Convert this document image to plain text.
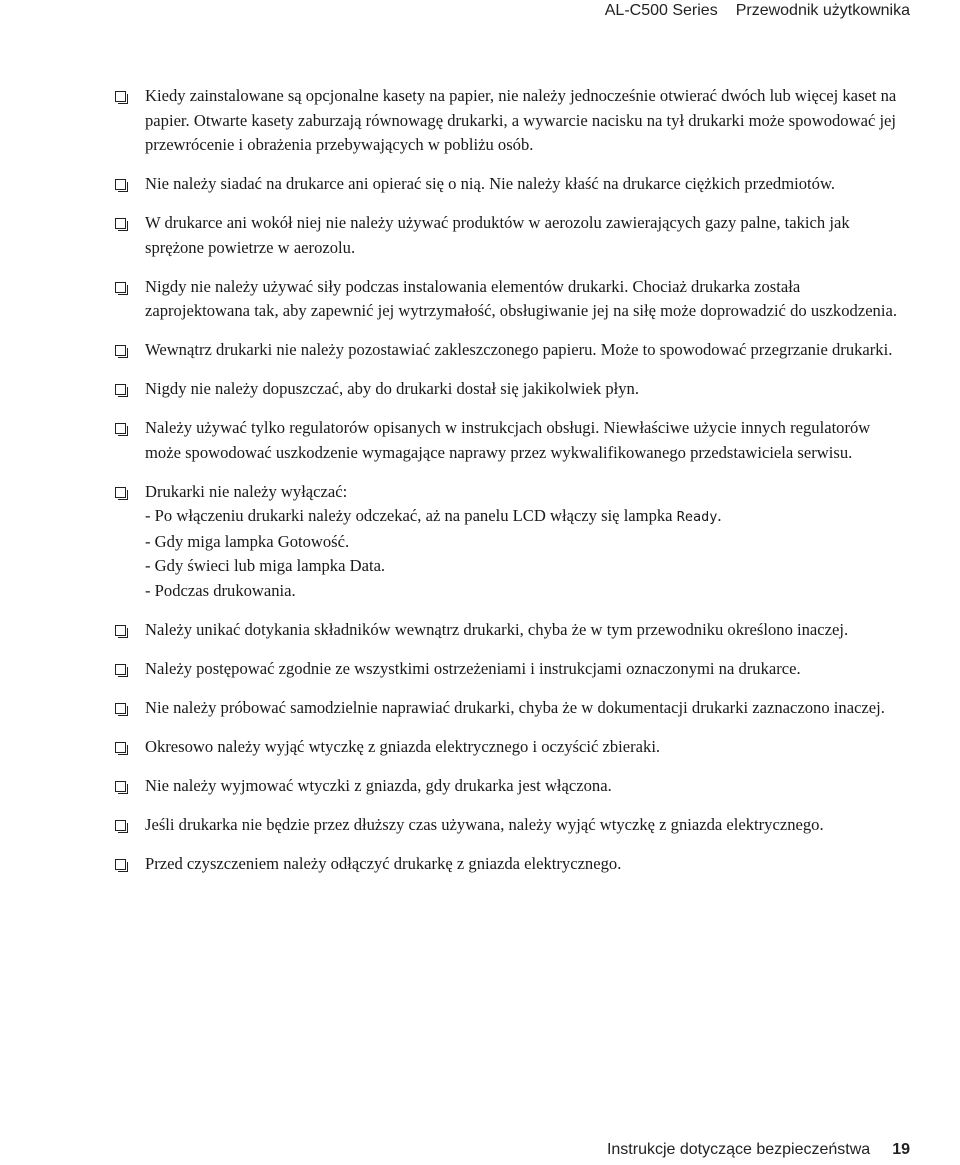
AL-C500 Series Przewodnik użytkownika
Kiedy zainstalowane są opcjonalne kasety na papier, nie należy jednocześnie otwierać dwóch lub więcej kaset na papier. Otwarte kasety zaburzają równowagę drukarki, a wywarcie nacisku na tył drukarki może spowodować jej przewrócenie i obrażenia przebywających w pobliżu osób.
Nie należy siadać na drukarce ani opierać się o nią. Nie należy kłaść na drukarce ciężkich przedmiotów.
W drukarce ani wokół niej nie należy używać produktów w aerozolu zawierających gazy palne, takich jak sprężone powietrze w aerozolu.
Nigdy nie należy używać siły podczas instalowania elementów drukarki. Chociaż drukarka została zaprojektowana tak, aby zapewnić jej wytrzymałość, obsługiwanie jej na siłę może doprowadzić do uszkodzenia.
Wewnątrz drukarki nie należy pozostawiać zakleszczonego papieru. Może to spowodować przegrzanie drukarki.
Nigdy nie należy dopuszczać, aby do drukarki dostał się jakikolwiek płyn.
Należy używać tylko regulatorów opisanych w instrukcjach obsługi. Niewłaściwe użycie innych regulatorów może spowodować uszkodzenie wymagające naprawy przez wykwalifikowanego przedstawiciela serwisu.
Drukarki nie należy wyłączać:
- Po włączeniu drukarki należy odczekać, aż na panelu LCD włączy się lampka Ready.
- Gdy miga lampka Gotowość.
- Gdy świeci lub miga lampka Data.
- Podczas drukowania.
Należy unikać dotykania składników wewnątrz drukarki, chyba że w tym przewodniku określono inaczej.
Należy postępować zgodnie ze wszystkimi ostrzeżeniami i instrukcjami oznaczonymi na drukarce.
Nie należy próbować samodzielnie naprawiać drukarki, chyba że w dokumentacji drukarki zaznaczono inaczej.
Okresowo należy wyjąć wtyczkę z gniazda elektrycznego i oczyścić zbieraki.
Nie należy wyjmować wtyczki z gniazda, gdy drukarka jest włączona.
Jeśli drukarka nie będzie przez dłuższy czas używana, należy wyjąć wtyczkę z gniazda elektrycznego.
Przed czyszczeniem należy odłączyć drukarkę z gniazda elektrycznego.
Instrukcje dotyczące bezpieczeństwa 19
